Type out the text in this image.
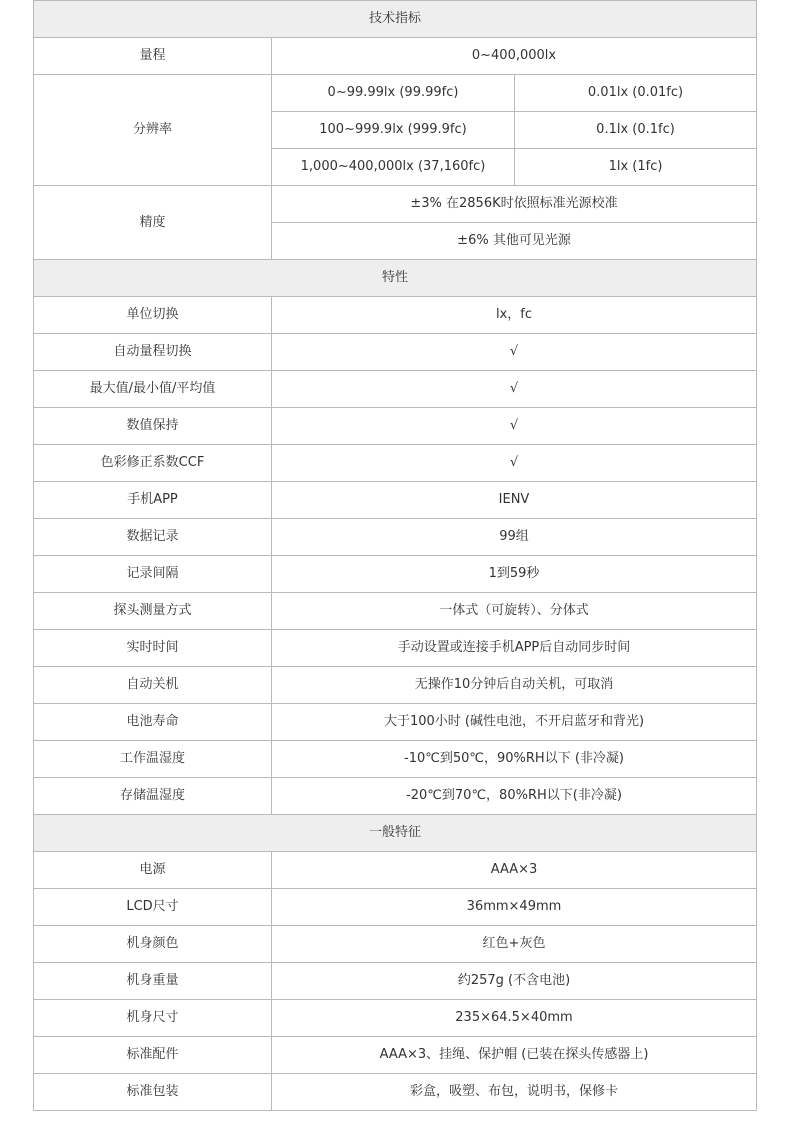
技术指标		
量程	0~400,000lx	
分辨率	0~99.99lx (99.99fc)	0.01lx (0.01fc)
	100~999.9lx (999.9fc)	0.1lx (0.1fc)
	1,000~400,000lx (37,160fc)	1lx (1fc)
精度	±3% 在2856K时依照标准光源校准	
	±6% 其他可见光源	
特性		
单位切换	lx，fc	
自动量程切换	√	
最大值/最小值/平均值	√	
数值保持	√	
色彩修正系数CCF	√	
手机APP	IENV	
数据记录	99组	
记录间隔	1到59秒	
探头测量方式	一体式（可旋转）、分体式	
实时时间	手动设置或连接手机APP后自动同步时间	
自动关机	无操作10分钟后自动关机，可取消	
电池寿命	大于100小时 (碱性电池，不开启蓝牙和背光)	
工作温湿度	-10℃到50℃，90%RH以下 (非冷凝)	
存储温湿度	-20℃到70℃，80%RH以下(非冷凝)	
一般特征		
电源	AAA×3	
LCD尺寸	36mm×49mm	
机身颜色	红色+灰色	
机身重量	约257g (不含电池)	
机身尺寸	235×64.5×40mm	
标准配件	AAA×3、挂绳、保护帽 (已装在探头传感器上)	
标准包装	彩盒，吸塑、布包，说明书，保修卡	
